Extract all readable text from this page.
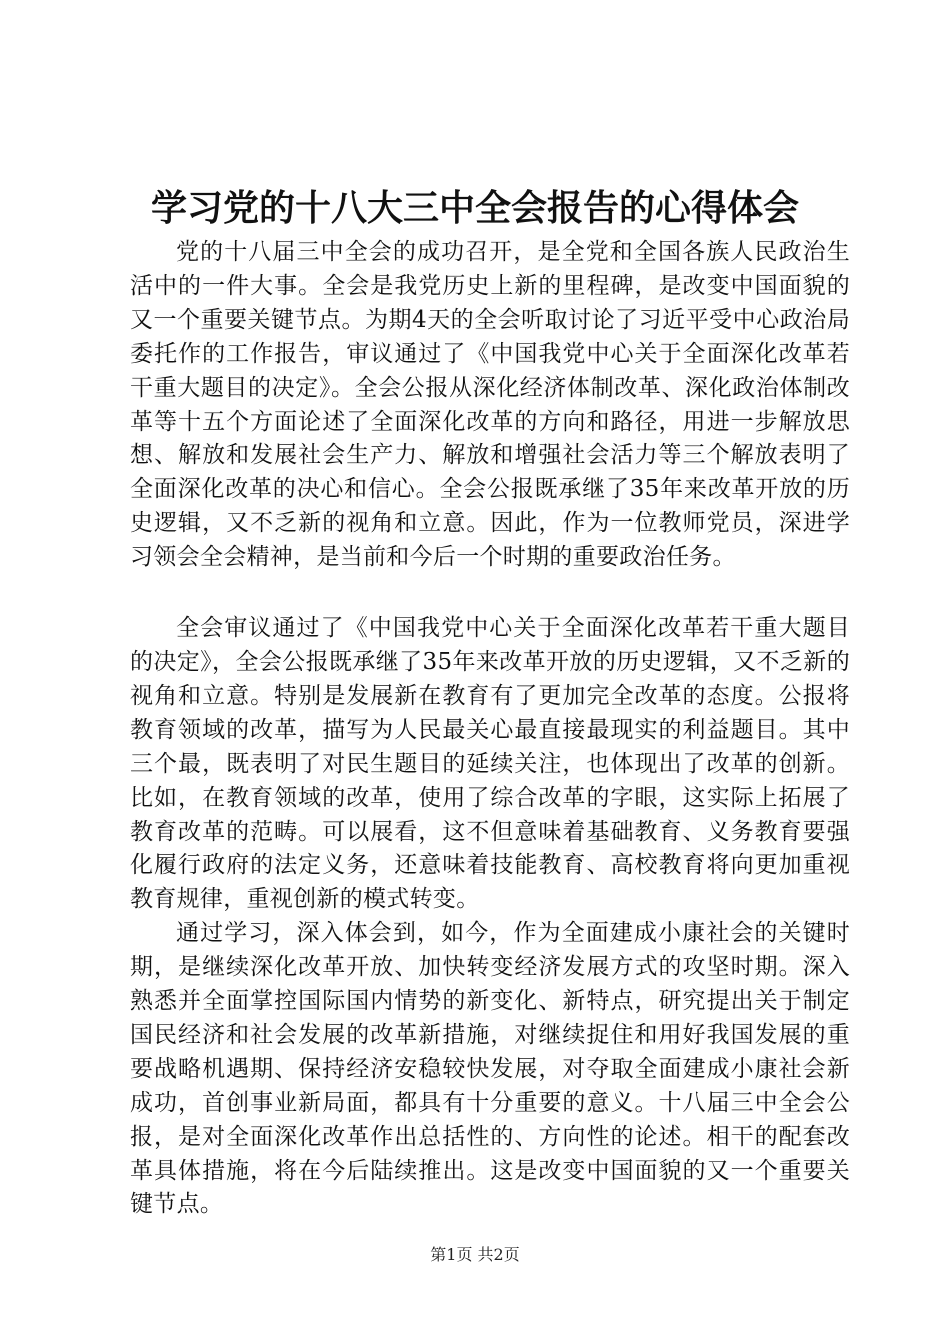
学习党的十八大三中全会报告的心得体会

党的十八届三中全会的成功召开，是全党和全国各族人民政治生活中的一件大事。全会是我党历史上新的里程碑，是改变中国面貌的又一个重要关键节点。为期4天的全会听取讨论了习近平受中心政治局委托作的工作报告，审议通过了《中国我党中心关于全面深化改革若干重大题目的决定》。全会公报从深化经济体制改革、深化政治体制改革等十五个方面论述了全面深化改革的方向和路径，用进一步解放思想、解放和发展社会生产力、解放和增强社会活力等三个解放表明了全面深化改革的决心和信心。全会公报既承继了35年来改革开放的历史逻辑，又不乏新的视角和立意。因此，作为一位教师党员，深进学习领会全会精神，是当前和今后一个时期的重要政治任务。

全会审议通过了《中国我党中心关于全面深化改革若干重大题目的决定》，全会公报既承继了35年来改革开放的历史逻辑，又不乏新的视角和立意。特别是发展新在教育有了更加完全改革的态度。公报将教育领域的改革，描写为人民最关心最直接最现实的利益题目。其中三个最，既表明了对民生题目的延续关注，也体现出了改革的创新。比如，在教育领域的改革，使用了综合改革的字眼，这实际上拓展了教育改革的范畴。可以展看，这不但意味着基础教育、义务教育要强化履行政府的法定义务，还意味着技能教育、高校教育将向更加重视教育规律，重视创新的模式转变。

通过学习，深入体会到，如今，作为全面建成小康社会的关键时期，是继续深化改革开放、加快转变经济发展方式的攻坚时期。深入熟悉并全面掌控国际国内情势的新变化、新特点，研究提出关于制定国民经济和社会发展的改革新措施，对继续捉住和用好我国发展的重要战略机遇期、保持经济安稳较快发展，对夺取全面建成小康社会新成功，首创事业新局面，都具有十分重要的意义。十八届三中全会公报，是对全面深化改革作出总括性的、方向性的论述。相干的配套改革具体措施，将在今后陆续推出。这是改变中国面貌的又一个重要关键节点。

第1页 共2页
